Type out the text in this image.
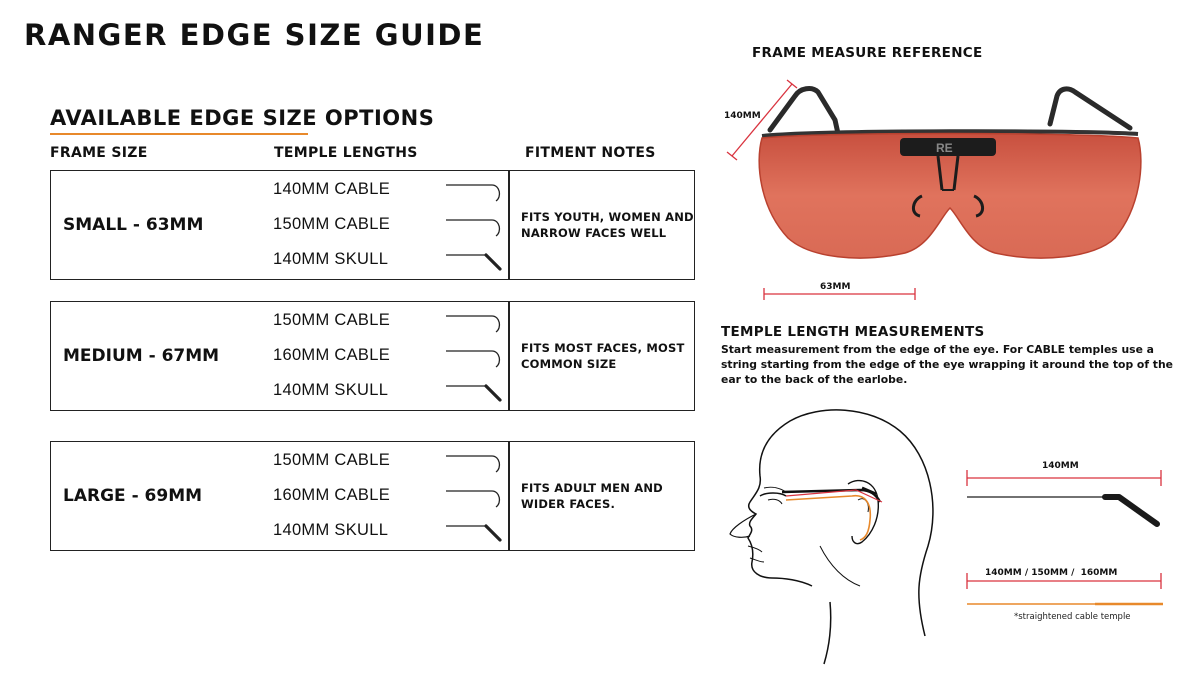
RANGER EDGE SIZE GUIDE
AVAILABLE EDGE SIZE OPTIONS
FRAME SIZE	TEMPLE LENGTHS	FITMENT NOTES
SMALL - 63MM
140MM CABLE
150MM CABLE
140MM SKULL
FITS YOUTH, WOMEN AND NARROW FACES WELL
MEDIUM - 67MM
150MM CABLE
160MM CABLE
140MM SKULL
FITS MOST FACES, MOST COMMON SIZE
LARGE - 69MM
150MM CABLE
160MM CABLE
140MM SKULL
FITS ADULT MEN AND WIDER FACES.
FRAME MEASURE REFERENCE
RE
140MM
63MM
TEMPLE LENGTH MEASUREMENTS
Start measurement from the edge of the eye. For CABLE temples use a string starting from the edge of the eye wrapping it around the top of the ear to the back of the earlobe.
140MM
140MM / 150MM /  160MM
*straightened cable temple
